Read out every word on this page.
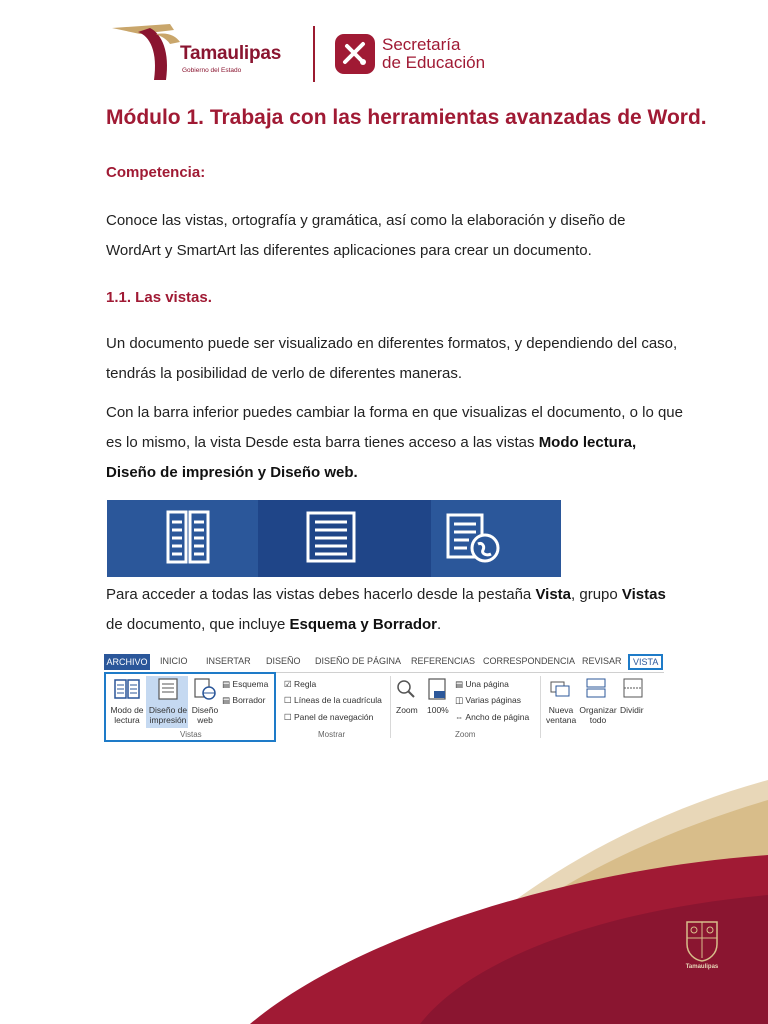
Tamaulipas
Gobierno del Estado
Secretaría
de Educación
Módulo 1. Trabaja con las herramientas avanzadas de Word.
Competencia:

Conoce las vistas, ortografía y gramática, así como la elaboración y diseño de WordArt y SmartArt las diferentes aplicaciones para crear un documento.

1.1. Las vistas.

Un documento puede ser visualizado en diferentes formatos, y dependiendo del caso, tendrás la posibilidad de verlo de diferentes maneras.

Con la barra inferior puedes cambiar la forma en que visualizas el documento, o lo que es lo mismo, la vista Desde esta barra tienes acceso a las vistas Modo lectura, Diseño de impresión y Diseño web.

Para acceder a todas las vistas debes hacerlo desde la pestaña Vista, grupo Vistas de documento, que incluye Esquema y Borrador.

ARCHIVO INICIO INSERTAR DISEÑO DISEÑO DE PÁGINA REFERENCIAS CORRESPONDENCIA REVISAR	VISTA
Modo de
lectura
Diseño de
impresión
Diseño
web
▤ Esquema
▤ Borrador
Vistas
☑ Regla
☐ Líneas de la cuadrícula
☐ Panel de navegación
Mostrar
Zoom 100%
▤ Una página
◫ Varias páginas
⇔ Ancho de página
Zoom
Nueva
ventana
Organizar
todo
Dividir
Tamaulipas
